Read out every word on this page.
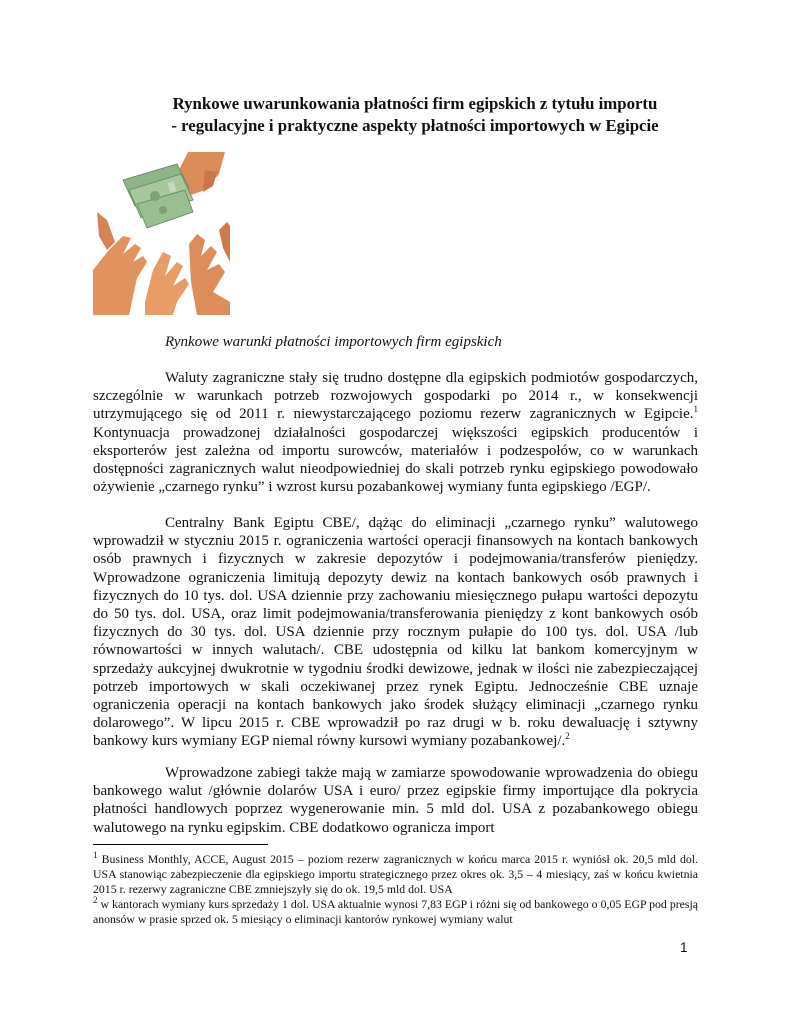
Rynkowe uwarunkowania płatności firm egipskich z tytułu importu
- regulacyjne i praktyczne aspekty płatności importowych w Egipcie
Rynkowe warunki płatności importowych firm egipskich

Waluty zagraniczne stały się trudno dostępne dla egipskich podmiotów gospodarczych, szczególnie w warunkach potrzeb rozwojowych gospodarki po 2014 r., w konsekwencji utrzymującego się od 2011 r. niewystarczającego poziomu rezerw zagranicznych w Egipcie.$^1$ Kontynuacja prowadzonej działalności gospodarczej większości egipskich producentów i eksporterów jest zależna od importu surowców, materiałów i podzespołów, co w warunkach dostępności zagranicznych walut nieodpowiedniej do skali potrzeb rynku egipskiego powodowało ożywienie „czarnego rynku” i wzrost kursu pozabankowej wymiany funta egipskiego /EGP/.

Centralny Bank Egiptu CBE/, dążąc do eliminacji „czarnego rynku” walutowego wprowadził w styczniu 2015 r. ograniczenia wartości operacji finansowych na kontach bankowych osób prawnych i fizycznych w zakresie depozytów i podejmowania/transferów pieniędzy. Wprowadzone ograniczenia limitują depozyty dewiz na kontach bankowych osób prawnych i fizycznych do 10 tys. dol. USA dziennie przy zachowaniu miesięcznego pułapu wartości depozytu do 50 tys. dol. USA, oraz limit podejmowania/transferowania pieniędzy z kont bankowych osób fizycznych do 30 tys. dol. USA dziennie przy rocznym pułapie do 100 tys. dol. USA /lub równowartości w innych walutach/. CBE udostępnia od kilku lat bankom komercyjnym w sprzedaży aukcyjnej dwukrotnie w tygodniu środki dewizowe, jednak w ilości nie zabezpieczającej potrzeb importowych w skali oczekiwanej przez rynek Egiptu. Jednocześnie CBE uznaje ograniczenia operacji na kontach bankowych jako środek służący eliminacji „czarnego rynku dolarowego”. W lipcu 2015 r. CBE wprowadził po raz drugi w b. roku dewaluację i sztywny bankowy kurs wymiany EGP niemal równy kursowi wymiany pozabankowej/.$^2$

Wprowadzone zabiegi także mają w zamiarze spowodowanie wprowadzenia do obiegu bankowego walut /głównie dolarów USA i euro/ przez egipskie firmy importujące dla pokrycia płatności handlowych poprzez wygenerowanie min. 5 mld dol. USA z pozabankowego obiegu walutowego na rynku egipskim. CBE dodatkowo ogranicza import

$^1$ Business Monthly, ACCE, August 2015 – poziom rezerw zagranicznych w końcu marca 2015 r. wyniósł ok. 20,5 mld dol. USA stanowiąc zabezpieczenie dla egipskiego importu strategicznego przez okres ok. 3,5 – 4 miesiący, zaś w końcu kwietnia 2015 r. rezerwy zagraniczne CBE zmniejszyły się do ok. 19,5 mld dol. USA

$^2$ w kantorach wymiany kurs sprzedaży 1 dol. USA aktualnie wynosi 7,83 EGP i różni się od bankowego o 0,05 EGP pod presją anonsów w prasie sprzed ok. 5 miesiący o eliminacji kantorów rynkowej wymiany walut

1
